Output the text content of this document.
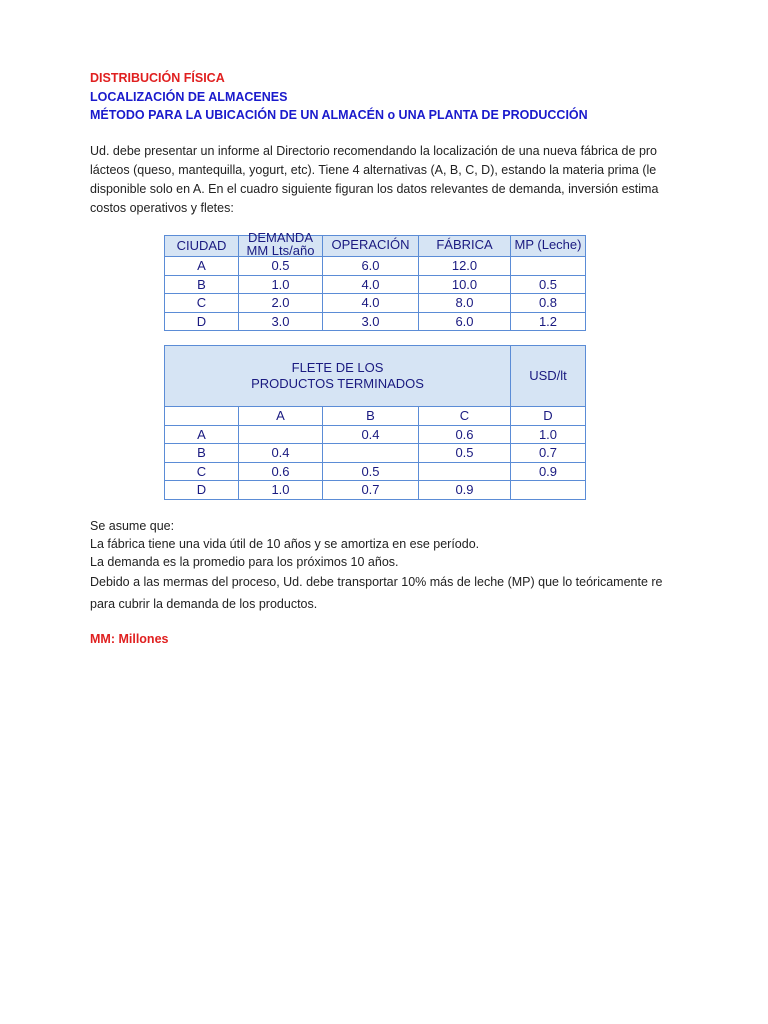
DISTRIBUCIÓN FÍSICA
LOCALIZACIÓN DE ALMACENES
MÉTODO PARA LA UBICACIÓN DE UN ALMACÉN o UNA PLANTA DE PRODUCCIÓN
Ud. debe presentar un informe al Directorio recomendando la localización de una nueva fábrica de pro
lácteos (queso, mantequilla, yogurt, etc). Tiene 4 alternativas (A, B, C, D), estando la materia prima (le
disponible solo en A. En el cuadro siguiente figuran los datos relevantes de demanda, inversión estima
costos operativos y fletes:
CIUDAD	DEMANDA MM Lts/año	OPERACIÓN	FÁBRICA	MP (Leche)

A	0.5	6.0	12.0	
B	1.0	4.0	10.0	0.5
C	2.0	4.0	8.0	0.8
D	3.0	3.0	6.0	1.2
FLETE DE LOS
PRODUCTOS TERMINADOS				USD/lt
	A	B	C	D
A		0.4	0.6	1.0
B	0.4		0.5	0.7
C	0.6	0.5		0.9
D	1.0	0.7	0.9	
Se asume que:
La fábrica tiene una vida útil de 10 años y se amortiza en ese período.
La demanda es la promedio para los próximos 10 años.
Debido a las mermas del proceso, Ud. debe transportar 10% más de leche (MP) que lo teóricamente re
para cubrir la demanda de los productos.
MM: Millones
